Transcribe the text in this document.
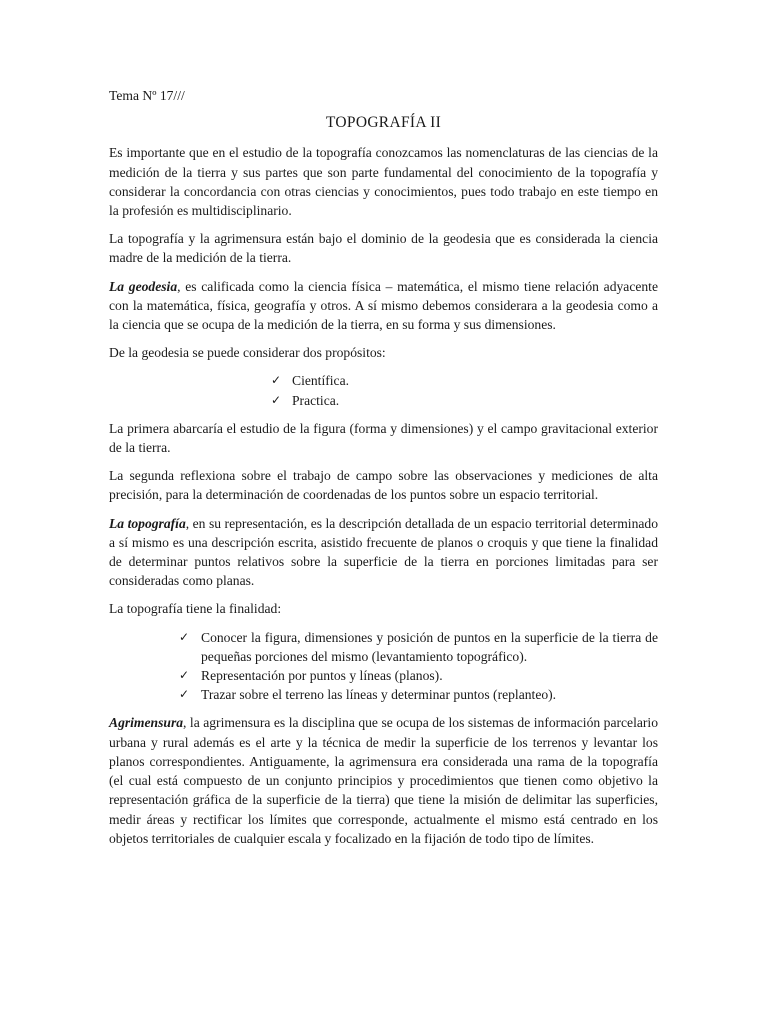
Tema Nº 17///

TOPOGRAFÍA II

Es importante que en el estudio de la topografía conozcamos las nomenclaturas de las ciencias de la medición de la tierra y sus partes que son parte fundamental del conocimiento de la topografía y considerar la concordancia con otras ciencias y conocimientos, pues todo trabajo en este tiempo en la profesión es multidisciplinario.

La topografía y la agrimensura están bajo el dominio de la geodesia que es considerada la ciencia madre de la medición de la tierra.

La geodesia, es calificada como la ciencia física – matemática, el mismo tiene relación adyacente con la matemática, física, geografía y otros. A sí mismo debemos considerara a la geodesia como a la ciencia que se ocupa de la medición de la tierra, en su forma y sus dimensiones.

De la geodesia se puede considerar dos propósitos:

✓ Científica.
✓ Practica.

La primera abarcaría el estudio de la figura (forma y dimensiones) y el campo gravitacional exterior de la tierra.

La segunda reflexiona sobre el trabajo de campo sobre las observaciones y mediciones de alta precisión, para la determinación de coordenadas de los puntos sobre un espacio territorial.

La topografía, en su representación, es la descripción detallada de un espacio territorial determinado a sí mismo es una descripción escrita, asistido frecuente de planos o croquis y que tiene la finalidad de determinar puntos relativos sobre la superficie de la tierra en porciones limitadas para ser consideradas como planas.

La topografía tiene la finalidad:

✓ Conocer la figura, dimensiones y posición de puntos en la superficie de la tierra de pequeñas porciones del mismo (levantamiento topográfico).
✓ Representación por puntos y líneas (planos).
✓ Trazar sobre el terreno las líneas y determinar puntos (replanteo).

Agrimensura, la agrimensura es la disciplina que se ocupa de los sistemas de información parcelario urbana y rural además es el arte y la técnica de medir la superficie de los terrenos y levantar los planos correspondientes. Antiguamente, la agrimensura era considerada una rama de la topografía (el cual está compuesto de un conjunto principios y procedimientos que tienen como objetivo la representación gráfica de la superficie de la tierra) que tiene la misión de delimitar las superficies, medir áreas y rectificar los límites que corresponde, actualmente el mismo está centrado en los objetos territoriales de cualquier escala y focalizado en la fijación de todo tipo de límites.
